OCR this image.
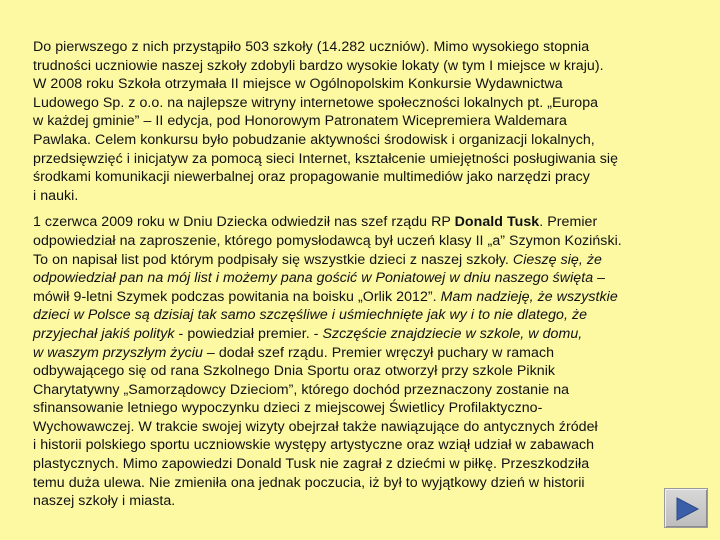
Do pierwszego z nich przystąpiło 503 szkoły (14.282 uczniów). Mimo wysokiego stopnia
trudności uczniowie naszej szkoły zdobyli bardzo wysokie lokaty (w tym I miejsce w kraju).
W 2008 roku Szkoła otrzymała II miejsce w Ogólnopolskim Konkursie Wydawnictwa
Ludowego Sp. z o.o. na najlepsze witryny internetowe społeczności lokalnych pt. „Europa
w każdej gminie” – II edycja, pod Honorowym Patronatem Wicepremiera Waldemara
Pawlaka. Celem konkursu było pobudzanie aktywności środowisk i organizacji lokalnych,
przedsięwzięć i inicjatyw za pomocą sieci Internet, kształcenie umiejętności posługiwania się
środkami komunikacji niewerbalnej oraz propagowanie multimediów jako narzędzi pracy
i nauki.

1 czerwca 2009 roku w Dniu Dziecka odwiedził nas szef rządu RP Donald Tusk. Premier
odpowiedział na zaproszenie, którego pomysłodawcą był uczeń klasy II „a” Szymon Koziński.
To on napisał list pod którym podpisały się wszystkie dzieci z naszej szkoły. Cieszę się, że
odpowiedział pan na mój list i możemy pana gościć w Poniatowej w dniu naszego święta –
mówił 9-letni Szymek podczas powitania na boisku „Orlik 2012”. Mam nadzieję, że wszystkie
dzieci w Polsce są dzisiaj tak samo szczęśliwe i uśmiechnięte jak wy i to nie dlatego, że
przyjechał jakiś polityk - powiedział premier. - Szczęście znajdziecie w szkole, w domu,
w waszym przyszłym życiu – dodał szef rządu. Premier wręczył puchary w ramach
odbywającego się od rana Szkolnego Dnia Sportu oraz otworzył przy szkole Piknik
Charytatywny „Samorządowcy Dzieciom”, którego dochód przeznaczony zostanie na
sfinansowanie letniego wypoczynku dzieci z miejscowej Świetlicy Profilaktyczno-
Wychowawczej. W trakcie swojej wizyty obejrzał także nawiązujące do antycznych źródeł
i historii polskiego sportu uczniowskie występy artystyczne oraz wziął udział w zabawach
plastycznych. Mimo zapowiedzi Donald Tusk nie zagrał z dziećmi w piłkę. Przeszkodziła
temu duża ulewa. Nie zmieniła ona jednak poczucia, iż był to wyjątkowy dzień w historii
naszej szkoły i miasta.
